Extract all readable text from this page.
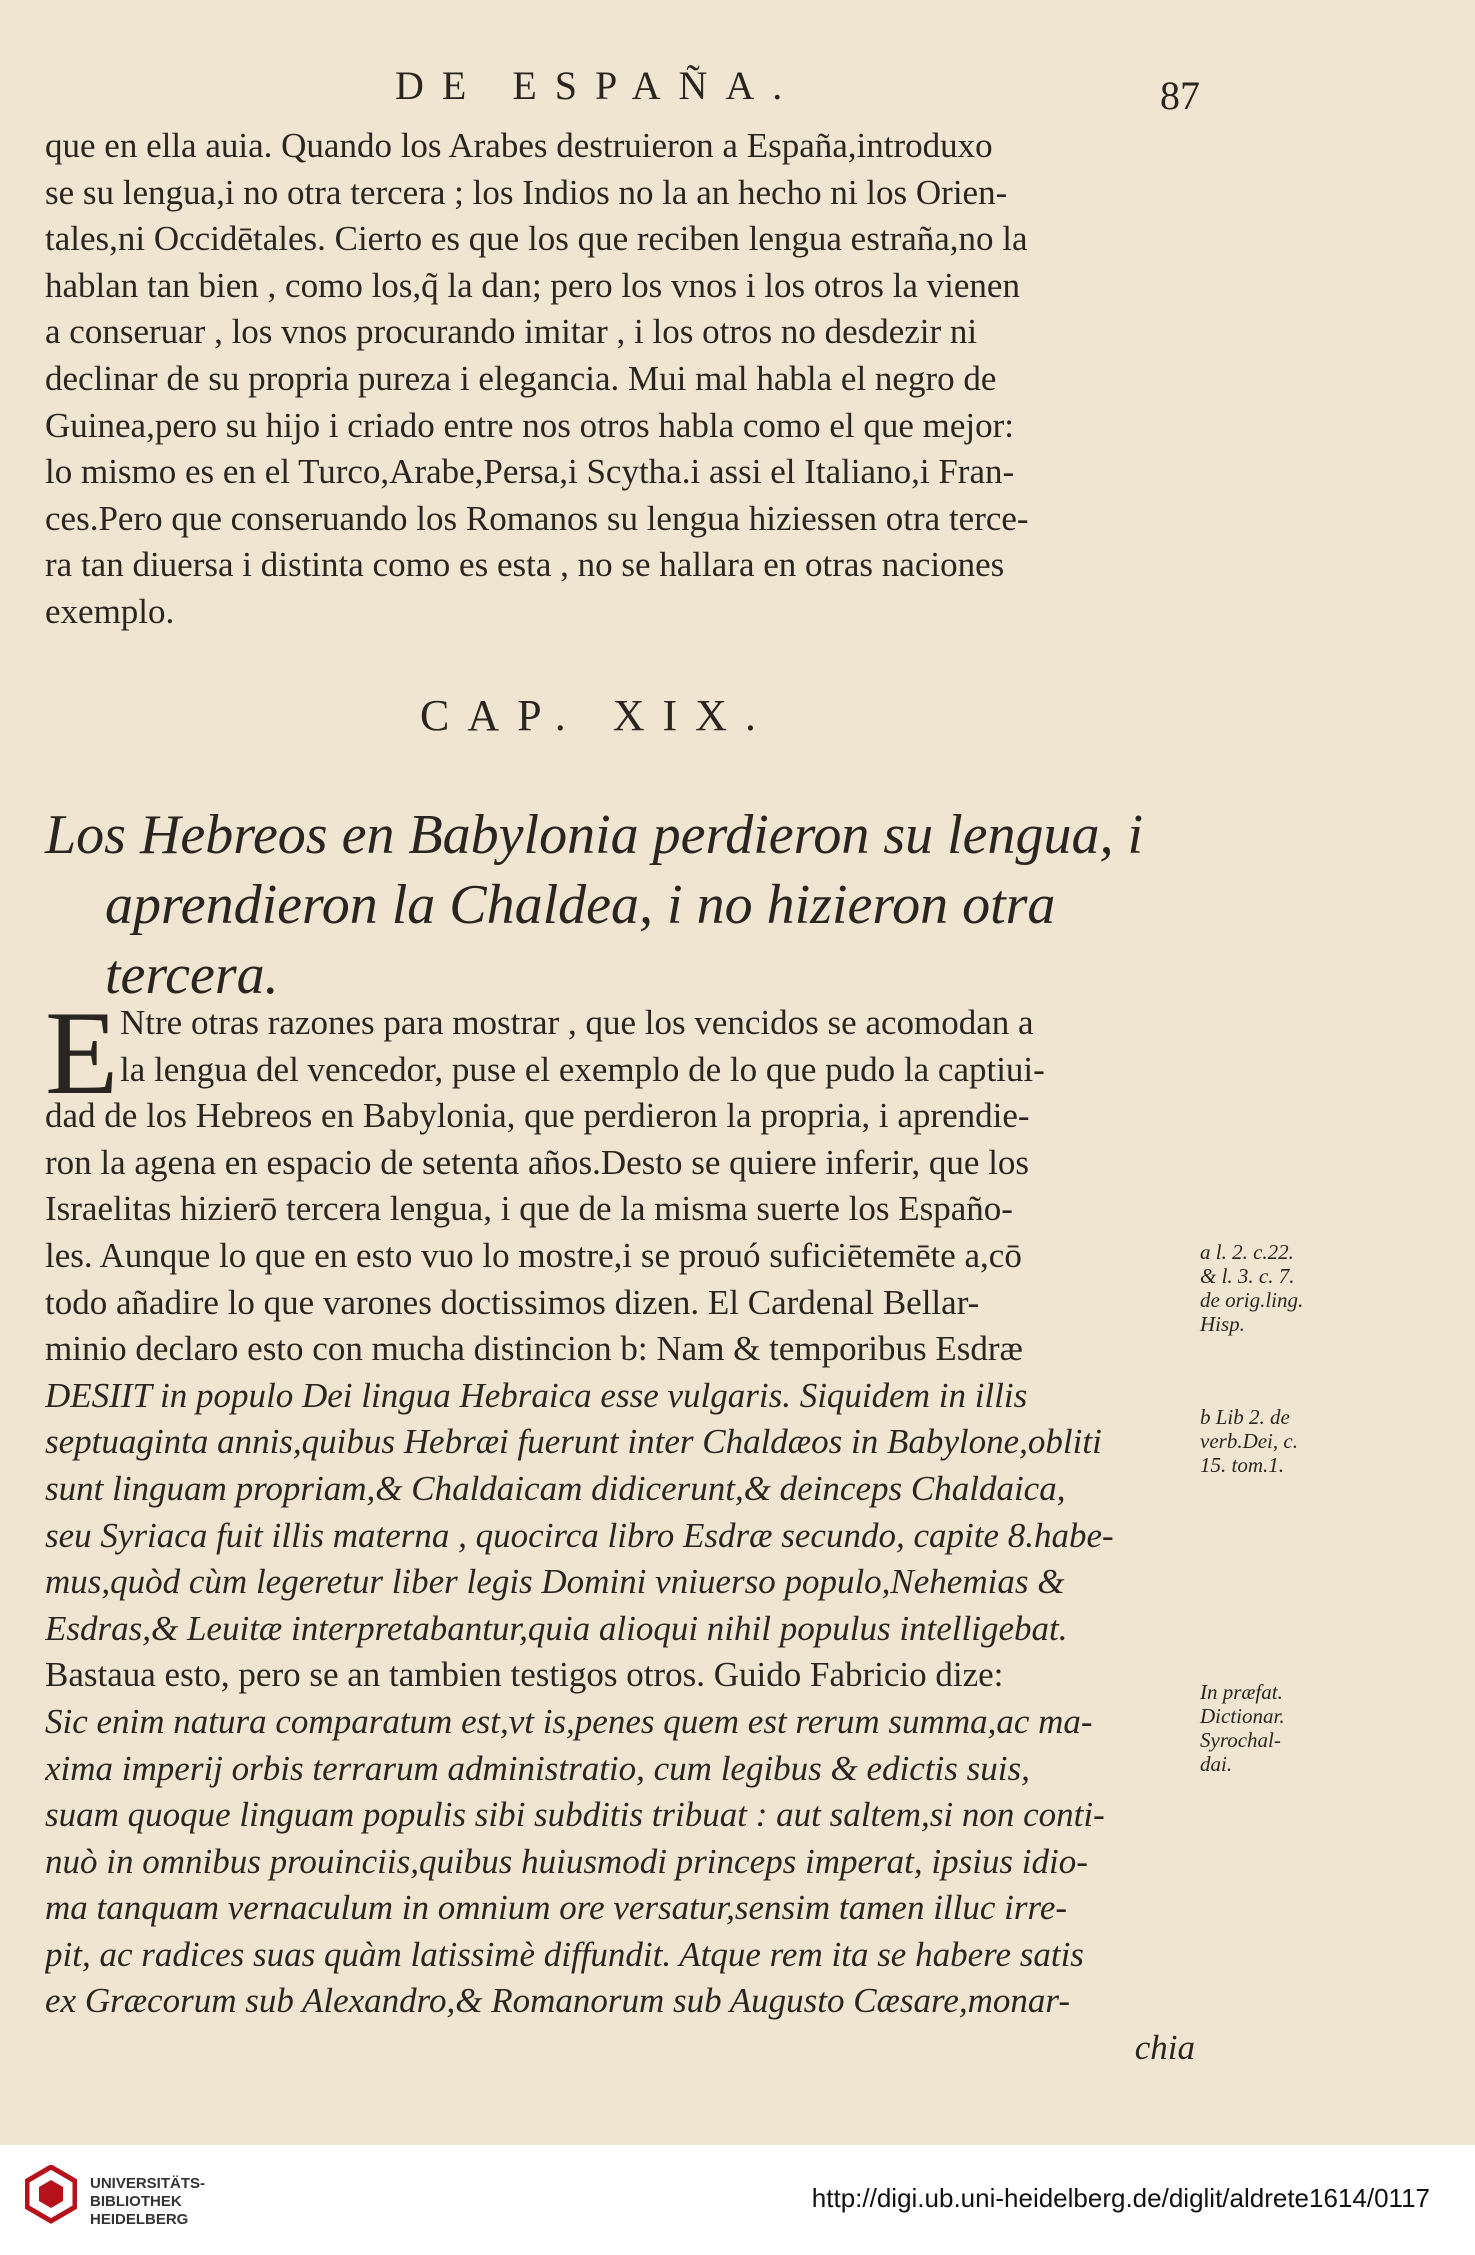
DE ESPAÑA.	87
que en ella auia. Quando los Arabes destruieron a España,introduxo
se su lengua,i no otra tercera ; los Indios no la an hecho ni los Orien-
tales,ni Occidētales. Cierto es que los que reciben lengua estraña,no la
hablan tan bien , como los,q̃ la dan; pero los vnos i los otros la vienen
a conseruar , los vnos procurando imitar , i los otros no desdezir ni
declinar de su propria pureza i elegancia. Mui mal habla el negro de
Guinea,pero su hijo i criado entre nos otros habla como el que mejor:
lo mismo es en el Turco,Arabe,Persa,i Scytha.i assi el Italiano,i Fran-
ces.Pero que conseruando los Romanos su lengua hiziessen otra terce-
ra tan diuersa i distinta como es esta , no se hallara en otras naciones
exemplo.
CAP. XIX.
Los Hebreos en Babylonia perdieron su lengua, i
aprendieron la Chaldea, i no hizieron otra tercera.
E Ntre otras razones para mostrar , que los vencidos se acomodan a
la lengua del vencedor, puse el exemplo de lo que pudo la captiui-
dad de los Hebreos en Babylonia, que perdieron la propria, i aprendie-
ron la agena en espacio de setenta años.Desto se quiere inferir, que los
Israelitas hizierō tercera lengua, i que de la misma suerte los Españo-
les. Aunque lo que en esto vuo lo mostre,i se prouó suficiētemēte a,cō
todo añadire lo que varones doctissimos dizen. El Cardenal Bellar-
minio declaro esto con mucha distincion b: Nam & temporibus Esdræ
DESIIT in populo Dei lingua Hebraica esse vulgaris. Siquidem in illis
septuaginta annis,quibus Hebræi fuerunt inter Chaldæos in Babylone,obliti
sunt linguam propriam,& Chaldaicam didicerunt,& deinceps Chaldaica,
seu Syriaca fuit illis materna , quocirca libro Esdræ secundo, capite 8.habe-
mus,quòd cùm legeretur liber legis Domini vniuerso populo,Nehemias &
Esdras,& Leuitæ interpretabantur,quia alioqui nihil populus intelligebat.
Bastaua esto, pero se an tambien testigos otros. Guido Fabricio dize:
Sic enim natura comparatum est,vt is,penes quem est rerum summa,ac ma-
xima imperij orbis terrarum administratio, cum legibus & edictis suis,
suam quoque linguam populis sibi subditis tribuat : aut saltem,si non conti-
nuò in omnibus prouinciis,quibus huiusmodi princeps imperat, ipsius idio-
ma tanquam vernaculum in omnium ore versatur,sensim tamen illuc irre-
pit, ac radices suas quàm latissimè diffundit. Atque rem ita se habere satis
ex Græcorum sub Alexandro,& Romanorum sub Augusto Cæsare,monar-
chia
a l. 2. c.22.
& l. 3. c. 7.
de orig.ling.
Hisp.
b Lib 2. de
verb.Dei, c.
15. tom.1.
In præfat.
Dictionar.
Syrochal-
dai.
UNIVERSITÄTS-
BIBLIOTHEK
HEIDELBERG
http://digi.ub.uni-heidelberg.de/diglit/aldrete1614/0117
